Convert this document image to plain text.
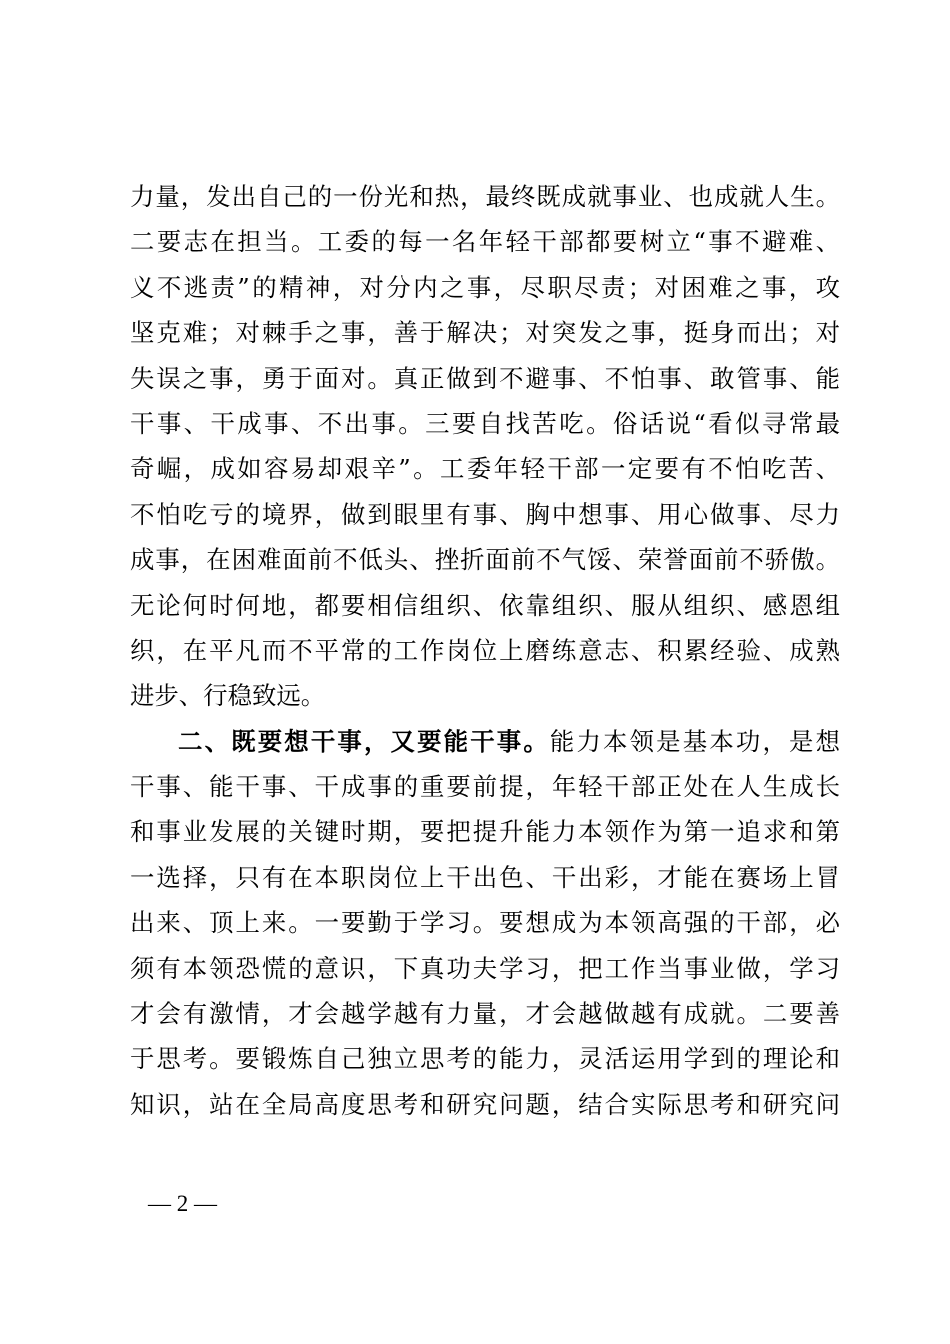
力量，发出自己的一份光和热，最终既成就事业、也成就人生。
二要志在担当。工委的每一名年轻干部都要树立“事不避难、
义不逃责”的精神，对分内之事，尽职尽责；对困难之事，攻
坚克难；对棘手之事，善于解决；对突发之事，挺身而出；对
失误之事，勇于面对。真正做到不避事、不怕事、敢管事、能
干事、干成事、不出事。三要自找苦吃。俗话说“看似寻常最
奇崛，成如容易却艰辛”。工委年轻干部一定要有不怕吃苦、
不怕吃亏的境界，做到眼里有事、胸中想事、用心做事、尽力
成事，在困难面前不低头、挫折面前不气馁、荣誉面前不骄傲。
无论何时何地，都要相信组织、依靠组织、服从组织、感恩组
织，在平凡而不平常的工作岗位上磨练意志、积累经验、成熟
进步、行稳致远。
二、既要想干事，又要能干事。能力本领是基本功，是想
干事、能干事、干成事的重要前提，年轻干部正处在人生成长
和事业发展的关键时期，要把提升能力本领作为第一追求和第
一选择，只有在本职岗位上干出色、干出彩，才能在赛场上冒
出来、顶上来。一要勤于学习。要想成为本领高强的干部，必
须有本领恐慌的意识，下真功夫学习，把工作当事业做，学习
才会有激情，才会越学越有力量，才会越做越有成就。二要善
于思考。要锻炼自己独立思考的能力，灵活运用学到的理论和
知识，站在全局高度思考和研究问题，结合实际思考和研究问
— 2 —
